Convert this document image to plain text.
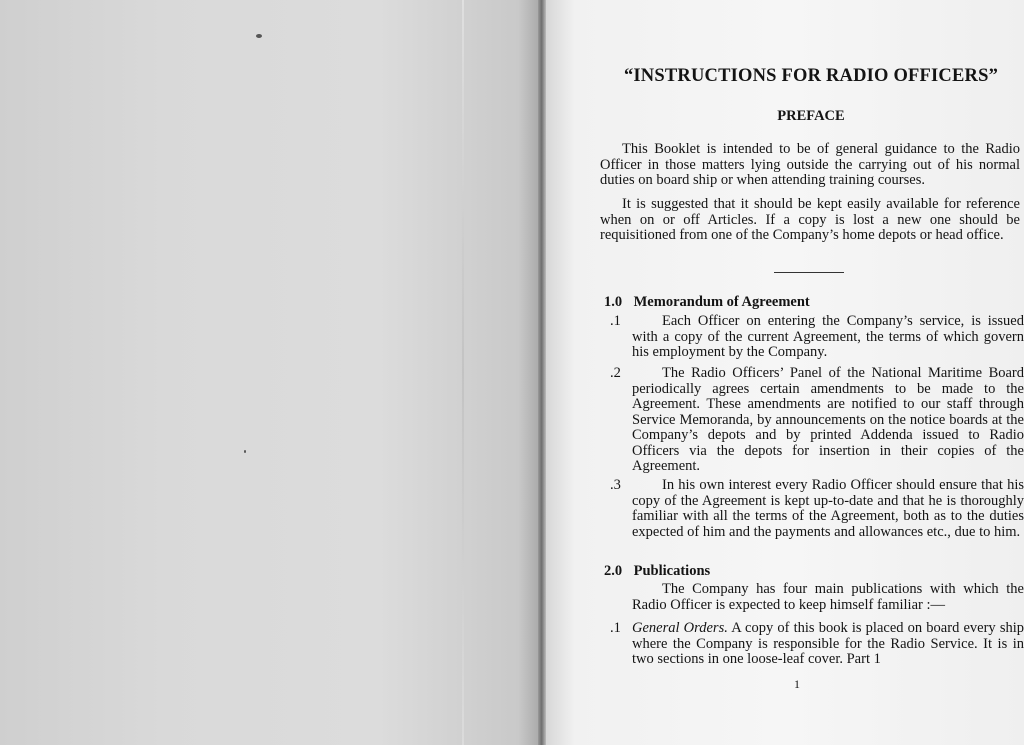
“INSTRUCTIONS FOR RADIO OFFICERS”
PREFACE

This Booklet is intended to be of general guidance to the Radio Officer in those matters lying outside the carrying out of his normal duties on board ship or when attending training courses.

It is suggested that it should be kept easily available for reference when on or off Articles. If a copy is lost a new one should be requisitioned from one of the Company’s home depots or head office.

1.0 Memorandum of Agreement
.1	Each Officer on entering the Company’s service, is issued with a copy of the current Agreement, the terms of which govern his employment by the Company.
.2	The Radio Officers’ Panel of the National Maritime Board periodically agrees certain amendments to be made to the Agreement. These amendments are notified to our staff through Service Memoranda, by announcements on the notice boards at the Company’s depots and by printed Addenda issued to Radio Officers via the depots for insertion in their copies of the Agreement.
.3	In his own interest every Radio Officer should ensure that his copy of the Agreement is kept up-to-date and that he is thoroughly familiar with all the terms of the Agreement, both as to the duties expected of him and the payments and allowances etc., due to him.
2.0 Publications
The Company has four main publications with which the Radio Officer is expected to keep himself familiar :—
.1 General Orders. A copy of this book is placed on board every ship where the Company is responsible for the Radio Service. It is in two sections in one loose-leaf cover. Part 1
1
